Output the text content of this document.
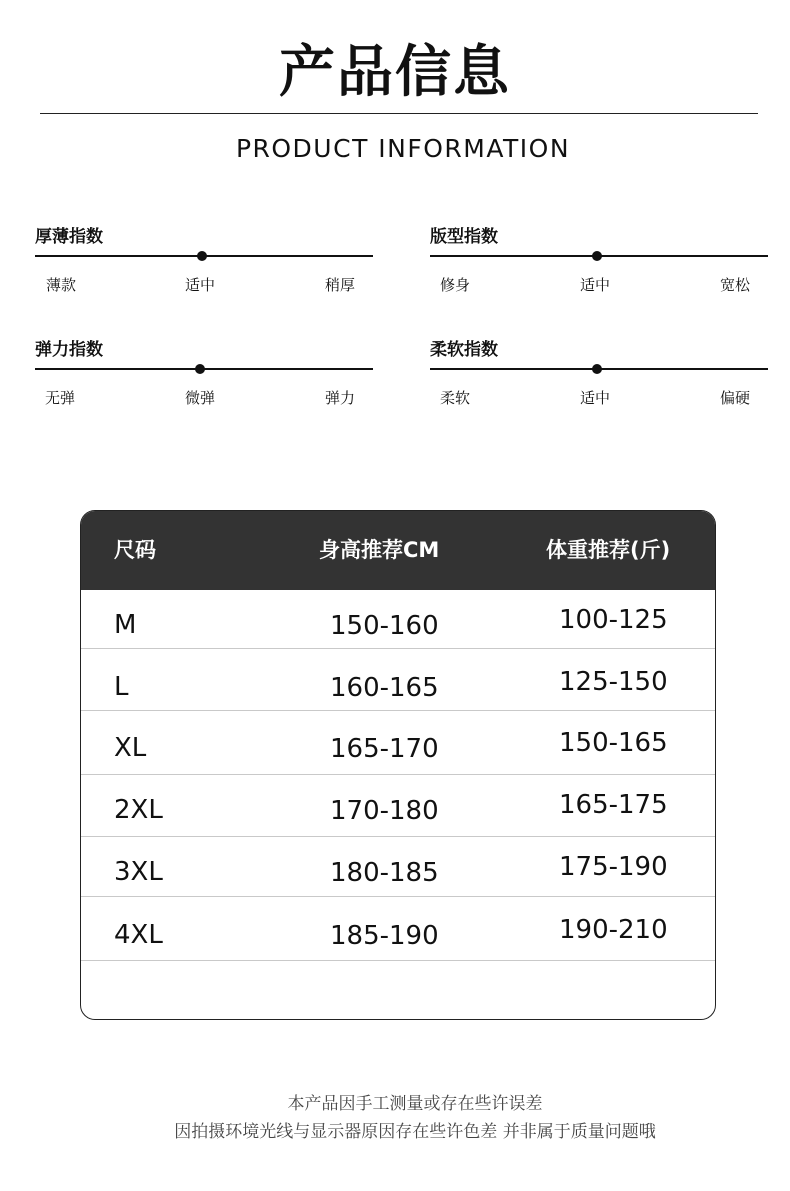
产品信息
PRODUCT INFORMATION
厚薄指数
薄款	适中	稍厚
版型指数
修身	适中	宽松
弹力指数
无弹	微弹	弹力
柔软指数
柔软	适中	偏硬
尺码	身高推荐CM	体重推荐(斤)
M	150-160	100-125
L	160-165	125-150
XL	165-170	150-165
2XL	170-180	165-175
3XL	180-185	175-190
4XL	185-190	190-210
本产品因手工测量或存在些许误差
因拍摄环境光线与显示器原因存在些许色差 并非属于质量问题哦
